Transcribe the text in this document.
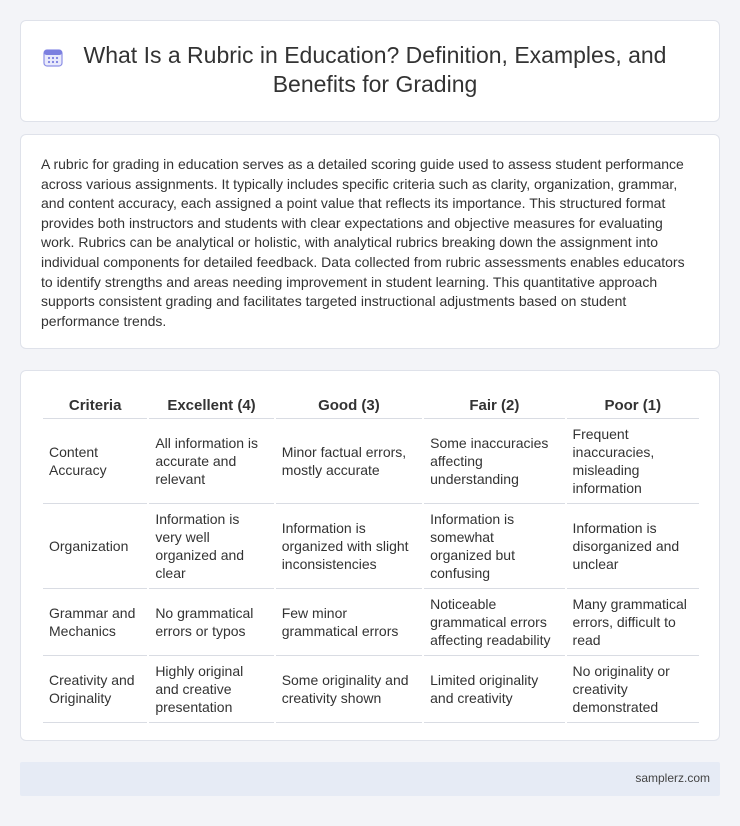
What Is a Rubric in Education? Definition, Examples, and Benefits for Grading

A rubric for grading in education serves as a detailed scoring guide used to assess student performance across various assignments. It typically includes specific criteria such as clarity, organization, grammar, and content accuracy, each assigned a point value that reflects its importance. This structured format provides both instructors and students with clear expectations and objective measures for evaluating work. Rubrics can be analytical or holistic, with analytical rubrics breaking down the assignment into individual components for detailed feedback. Data collected from rubric assessments enables educators to identify strengths and areas needing improvement in student learning. This quantitative approach supports consistent grading and facilitates targeted instructional adjustments based on student performance trends.

Criteria	Excellent (4)	Good (3)	Fair (2)	Poor (1)
Content Accuracy	All information is accurate and relevant	Minor factual errors, mostly accurate	Some inaccuracies affecting understanding	Frequent inaccuracies, misleading information
Organization	Information is very well organized and clear	Information is organized with slight inconsistencies	Information is somewhat organized but confusing	Information is disorganized and unclear
Grammar and Mechanics	No grammatical errors or typos	Few minor grammatical errors	Noticeable grammatical errors affecting readability	Many grammatical errors, difficult to read
Creativity and Originality	Highly original and creative presentation	Some originality and creativity shown	Limited originality and creativity	No originality or creativity demonstrated
samplerz.com
